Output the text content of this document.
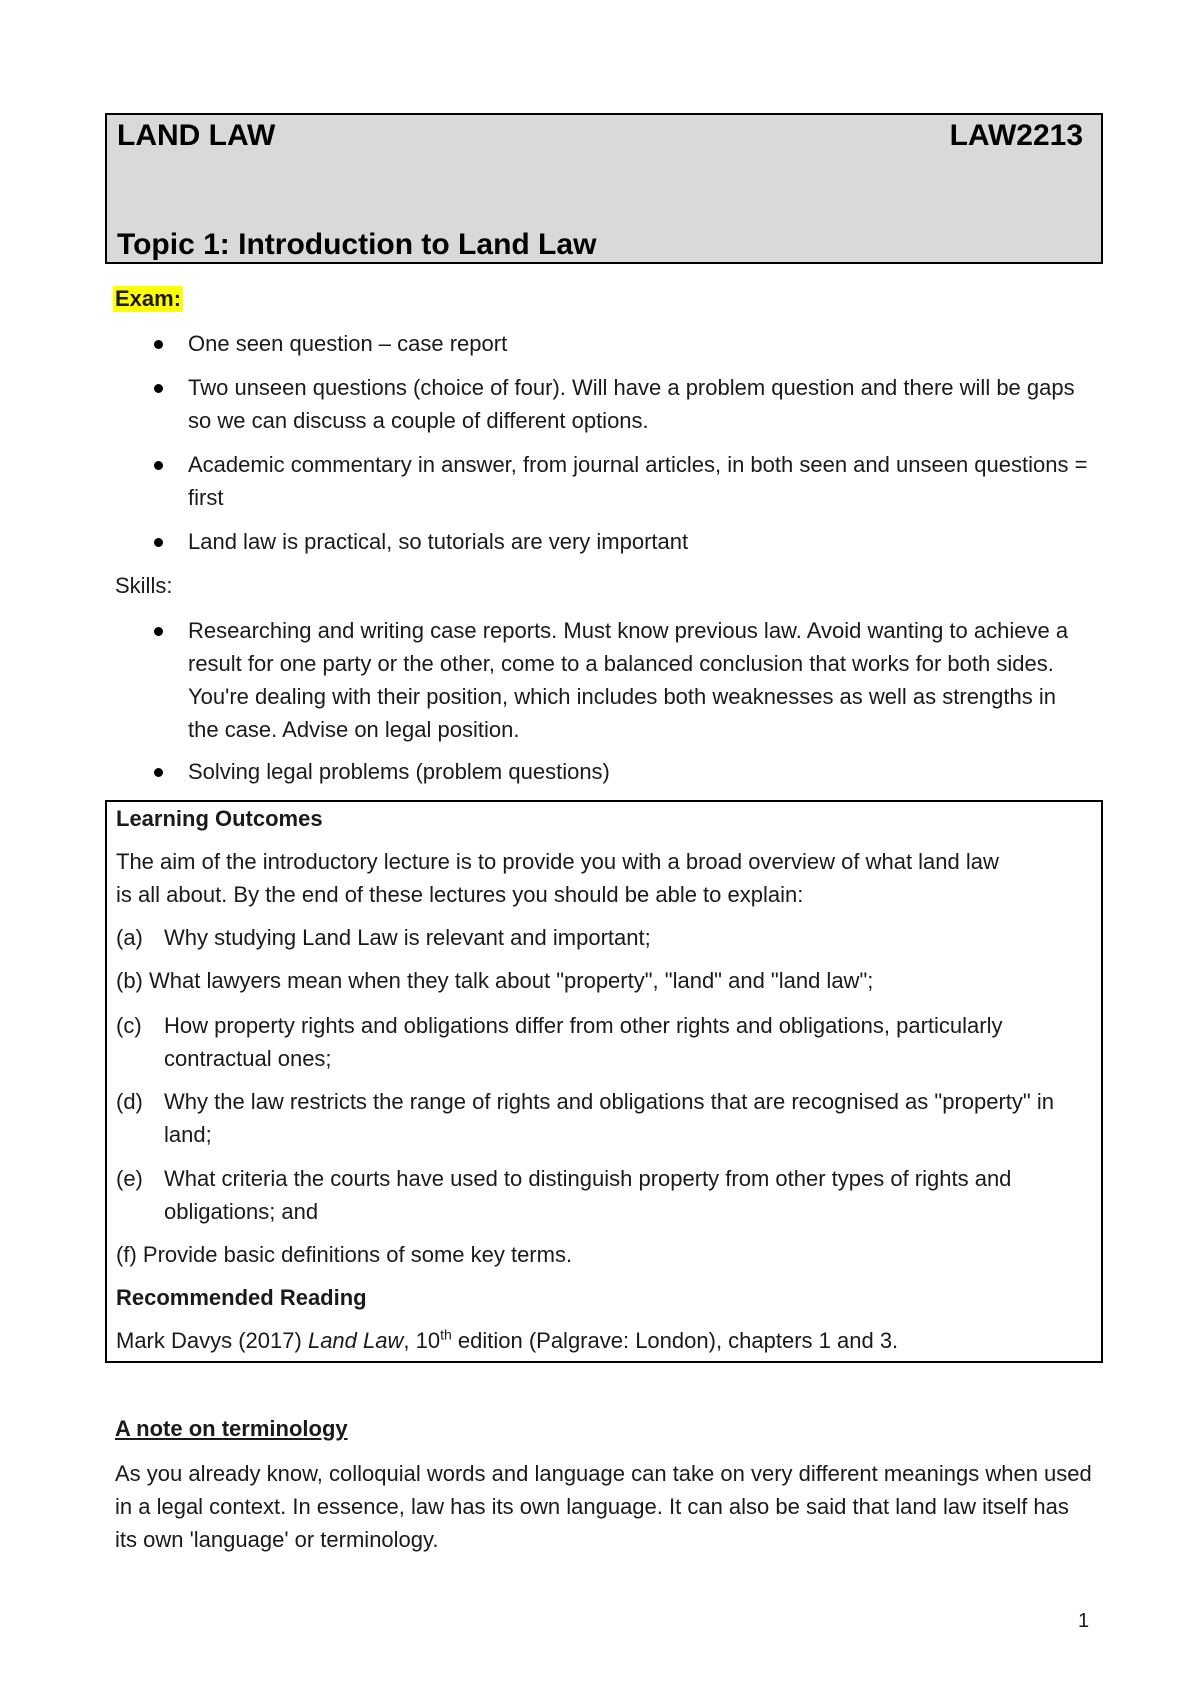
LAND LAW	LAW2213
Topic 1: Introduction to Land Law
Exam:
One seen question – case report
Two unseen questions (choice of four). Will have a problem question and there will be gaps so we can discuss a couple of different options.
Academic commentary in answer, from journal articles, in both seen and unseen questions = first
Land law is practical, so tutorials are very important
Skills:
Researching and writing case reports. Must know previous law. Avoid wanting to achieve a result for one party or the other, come to a balanced conclusion that works for both sides. You're dealing with their position, which includes both weaknesses as well as strengths in the case. Advise on legal position.
Solving legal problems (problem questions)
Learning Outcomes
The aim of the introductory lecture is to provide you with a broad overview of what land law
is all about. By the end of these lectures you should be able to explain:
(a) Why studying Land Law is relevant and important;
(b) What lawyers mean when they talk about "property", "land" and "land law";
(c) How property rights and obligations differ from other rights and obligations, particularly contractual ones;
(d) Why the law restricts the range of rights and obligations that are recognised as "property" in land;
(e) What criteria the courts have used to distinguish property from other types of rights and obligations; and
(f) Provide basic definitions of some key terms.
Recommended Reading
Mark Davys (2017) Land Law, 10th edition (Palgrave: London), chapters 1 and 3.
A note on terminology

As you already know, colloquial words and language can take on very different meanings when used in a legal context. In essence, law has its own language. It can also be said that land law itself has its own 'language' or terminology.

1
